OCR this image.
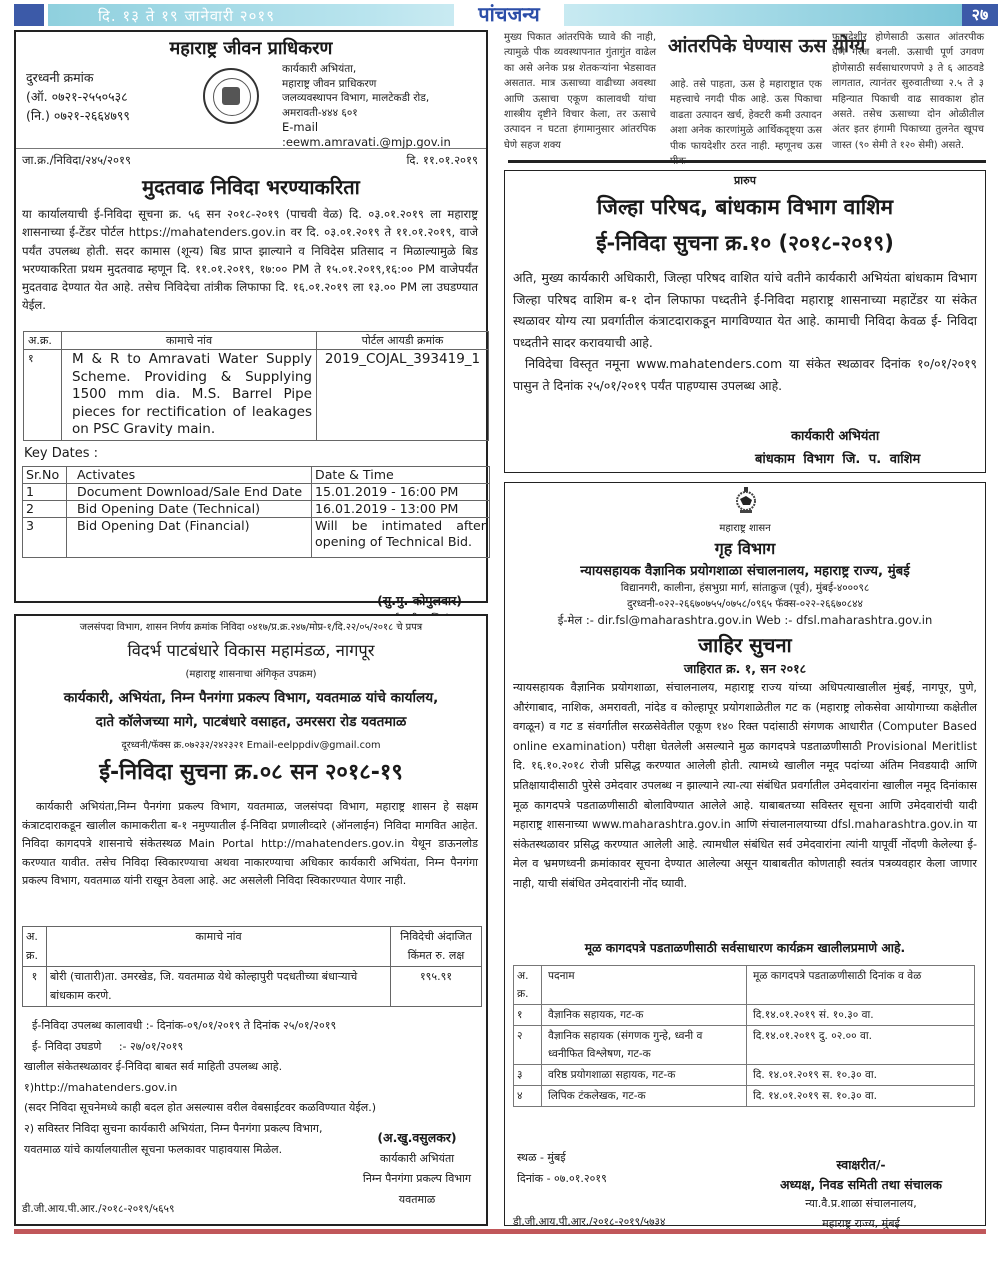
दि. १३ ते १९ जानेवारी २०१९	पांचजन्य	२७
महाराष्ट्र जीवन प्राधिकरण
दुरध्वनी क्रमांक
(ऑ. ०७२१-२५५०५३८
(नि.) ०७२१-२६६४७९९
कार्यकारी अभियंता,
महाराष्ट्र जीवन प्राधिकरण
जलव्यवस्थापन विभाग, मालटेकडी रोड,
अमरावती-४४४ ६०१
E-mail :eewm.amravati.@mjp.gov.in
जा.क्र./निविदा/२४५/२०१९	दि. ११.०१.२०१९
मुदतवाढ निविदा भरण्याकरिता
या कार्यालयाची ई-निविदा सूचना क्र. ५६ सन २०१८-२०१९ (पाचवी वेळ) दि. ०३.०१.२०१९ ला महाराष्ट्र शासनाच्या ई-टेंडर पोर्टल https://mahatenders.gov.in वर दि. ०३.०१.२०१९ ते ११.०१.२०१९, वाजे पर्यंत उपलब्ध होती. सदर कामास (शून्य) बिड प्राप्त झाल्याने व निविदेस प्रतिसाद न मिळाल्यामुळे बिड भरण्याकरिता प्रथम मुदतवाढ म्हणून दि. ११.०१.२०१९, १७:०० PM ते १५.०१.२०१९,१६:०० PM वाजेपर्यंत मुदतवाढ देण्यात येत आहे. तसेच निविदेचा तांत्रीक लिफाफा दि. १६.०१.२०१९ ला १३.०० PM ला उघडण्यात येईल.
अ.क्र.	कामाचे नांव	पोर्टल आयडी क्रमांक
१	M & R to Amravati Water Supply Scheme. Providing & Supplying 1500 mm dia. M.S. Barrel Pipe pieces for rectification of leakages on PSC Gravity main.	2019_COJAL_393419_1
Key Dates :
Sr.No	Activates	Date & Time
1	Document Download/Sale End Date	15.01.2019 - 16:00 PM
2	Bid Opening Date (Technical)	16.01.2019 - 13:00 PM
3	Bid Opening Dat (Financial)	Will be intimated after opening of Technical Bid.
(सु.मु. कोपुलवार)
मुख्य पिकात आंतरपिके घ्यावे की नाही, त्यामुळे पीक व्यवस्थापनात गुंतागुंत वाढेल का असे अनेक प्रश्न शेतकऱ्यांना भेडसावत असतात. मात्र ऊसाच्या वाढीच्या अवस्था आणि ऊसाचा एकूण कालावधी यांचा शास्त्रीय दृष्टीने विचार केला, तर ऊसाचे उत्पादन न घटता हंगामानुसार आंतरपिक घेणे सहज शक्य
आंतरपिके घेण्यास ऊस योग्य
आहे. तसे पाहता, ऊस हे महाराष्ट्रात एक महत्त्वाचे नगदी पीक आहे. ऊस पिकाचा वाढता उत्पादन खर्च, हेक्टरी कमी उत्पादन अशा अनेक कारणांमुळे आर्थिकदृष्ट्या ऊस पीक फायदेशीर ठरत नाही. म्हणूनच ऊस पीक
फायदेशीर होणेसाठी ऊसात आंतरपीक घेणे गरज बनली. ऊसाची पूर्ण उगवण होणेसाठी सर्वसाधारणपणे ३ ते ६ आठवडे लागतात, त्यानंतर सुरुवातीच्या २.५ ते ३ महिन्यात पिकाची वाढ सावकाश होत असते. तसेच ऊसाच्या दोन ओळीतील अंतर इतर हंगामी पिकाच्या तुलनेत खूपच जास्त (९० सेमी ते १२० सेमी) असते.
प्रारुप
जिल्हा परिषद, बांधकाम विभाग वाशिम
ई-निविदा सुचना क्र.१० (२०१८-२०१९)
अति, मुख्य कार्यकारी अधिकारी, जिल्हा परिषद वाशित यांचे वतीने कार्यकारी अभियंता बांधकाम विभाग जिल्हा परिषद वाशिम ब-१ दोन लिफाफा पध्दतीने ई-निविदा महाराष्ट्र शासनाच्या महाटेंडर या संकेत स्थळावर योग्य त्या प्रवर्गातील कंत्राटदाराकडून मागविण्यात येत आहे. कामाची निविदा केवळ ई- निविदा पध्दतीने सादर करावयाची आहे.
निविदेचा विस्तृत नमूना www.mahatenders.com या संकेत स्थळावर दिनांक १०/०१/२०१९ पासुन ते दिनांक २५/०१/२०१९ पर्यंत पाहण्यास उपलब्ध आहे.
कार्यकारी अभियंता
बांधकाम विभाग जि. प. वाशिम
जलसंपदा विभाग, शासन निर्णय क्रमांक निविदा ०४१७/प्र.क्र.२४७/मोप्र-१/दि.२२/०५/२०१८ चे प्रपत्र
विदर्भ पाटबंधारे विकास महामंडळ, नागपूर
(महाराष्ट्र शासनाचा अंगिकृत उपक्रम)
कार्यकारी, अभियंता, निम्न पैनगंगा प्रकल्प विभाग, यवतमाळ यांचे कार्यालय,
दाते कॉलेजच्या मागे, पाटबंधारे वसाहत, उमरसरा रोड यवतमाळ
दूरध्वनी/फॅक्स क्र.०७२३२/२४२३२१ Email-eelppdiv@gmail.com
ई-निविदा सुचना क्र.०८ सन २०१८-१९
कार्यकारी अभियंता,निम्न पैनगंगा प्रकल्प विभाग, यवतमाळ, जलसंपदा विभाग, महाराष्ट्र शासन हे सक्षम कंत्राटदाराकडून खालील कामाकरीता ब-१ नमुण्यातील ई-निविदा प्रणालीव्दारे (ऑनलाईन) निविदा मागवित आहेत. निविदा कागदपत्रे शासनाचे संकेतस्थळ Main Portal http://mahatenders.gov.in येथून डाऊनलोड करण्यात यावीत. तसेच निविदा स्विकारण्याचा अथवा नाकारण्याचा अधिकार कार्यकारी अभियंता, निम्न पैनगंगा प्रकल्प विभाग, यवतमाळ यांनी राखून ठेवला आहे. अट असलेली निविदा स्विकारण्यात येणार नाही.
अ. क्र.	कामाचे नांव	निविदेची अंदाजित किंमत रु. लक्ष
१	बोरी (चातारी)ता. उमरखेड, जि. यवतमाळ येथे कोल्हापुरी पदधतीच्या बंधाऱ्याचे बांधकाम करणे.	१९५.९१
ई-निविदा उपलब्ध कालावधी :- दिनांक-०९/०१/२०१९ ते दिनांक २५/०१/२०१९
ई- निविदा उघडणे     :- २७/०१/२०१९
खालील संकेतस्थळावर ई-निविदा बाबत सर्व माहिती उपलब्ध आहे.
१)http://mahatenders.gov.in
(सदर निविदा सूचनेमध्ये काही बदल होत असल्यास वरील वेबसाईटवर कळविण्यात येईल.)
२) सविस्तर निविदा सुचना कार्यकारी अभियंता, निम्न पैनगंगा प्रकल्प विभाग, यवतमाळ यांचे कार्यालयातील सूचना फलकावर पाहावयास मिळेल.
(अ.खु.वसुलकर)
कार्यकारी अभियंता
निम्न पैनगंगा प्रकल्प विभाग
यवतमाळ
डी.जी.आय.पी.आर./२०१८-२०१९/५६५९
महाराष्ट्र शासन
गृह विभाग
न्यायसहायक वैज्ञानिक प्रयोगशाळा संचालनालय, महाराष्ट्र राज्य, मुंबई
विद्यानगरी, कालीना, हंसभुग्रा मार्ग, सांताक्रुज (पूर्व), मुंबई-४०००९८
दुरध्वनी-०२२-२६६७०७५५/०७५८/०९६५ फॅक्स-०२२-२६६७०८४४
ई-मेल :- dir.fsl@maharashtra.gov.in Web :- dfsl.maharashtra.gov.in
जाहिर सुचना
जाहिरात क्र. १, सन २०१८
न्यायसहायक वैज्ञानिक प्रयोगशाळा, संचालनालय, महाराष्ट्र राज्य यांच्या अधिपत्याखालील मुंबई, नागपूर, पुणे, औरंगाबाद, नाशिक, अमरावती, नांदेड व कोल्हापूर प्रयोगशाळेतील गट क (महाराष्ट्र लोकसेवा आयोगाच्या कक्षेतील वगळून) व गट ड संवर्गातील सरळसेवेतील एकूण १४० रिक्त पदांसाठी संगणक आधारीत (Computer Based online examination) परीक्षा घेतलेली असल्याने मुळ कागदपत्रे पडताळणीसाठी Provisional Meritlist दि. १६.१०.२०१८ रोजी प्रसिद्ध करण्यात आलेली होती. त्यामध्ये खालील नमूद पदांच्या अंतिम निवडयादी आणि प्रतिक्षायादीसाठी पुरेसे उमेदवार उपलब्ध न झाल्याने त्या-त्या संबंधित प्रवर्गातील उमेदवारांना खालील नमूद दिनांकास मूळ कागदपत्रे पडताळणीसाठी बोलाविण्यात आलेले आहे. याबाबतच्या सविस्तर सूचना आणि उमेदवारांची यादी महाराष्ट्र शासनाच्या www.maharashtra.gov.in आणि संचालनालयाच्या dfsl.maharashtra.gov.in या संकेतस्थळावर प्रसिद्ध करण्यात आलेली आहे. त्यामधील संबंधित सर्व उमेदवारांना त्यांनी यापूर्वी नोंदणी केलेल्या ई-मेल व भ्रमणध्वनी क्रमांकावर सूचना देण्यात आलेल्या असून याबाबतीत कोणताही स्वतंत्र पत्रव्यवहार केला जाणार नाही, याची संबंधित उमेदवारांनी नोंद घ्यावी.
मूळ कागदपत्रे पडताळणीसाठी सर्वसाधारण कार्यक्रम खालीलप्रमाणे आहे.
अ. क्र.	पदनाम	मूळ कागदपत्रे पडताळणीसाठी दिनांक व वेळ
१	वैज्ञानिक सहायक, गट-क	दि.१४.०१.२०१९ सं. १०.३० वा.
२	वैज्ञानिक सहायक (संगणक गुन्हे, ध्वनी व ध्वनीफित विश्लेषण, गट-क	दि.१४.०१.२०१९ दु. ०२.०० वा.
३	वरिष्ठ प्रयोगशाळा सहायक, गट-क	दि. १४.०१.२०१९ स. १०.३० वा.
४	लिपिक टंकलेखक, गट-क	दि. १४.०१.२०१९ स. १०.३० वा.
स्थळ - मुंबई
दिनांक - ०७.०१.२०१९
स्वाक्षरीत/-
अध्यक्ष, निवड समिती तथा संचालक
न्या.वै.प्र.शाळा संचालनालय,
महाराष्ट्र राज्य, मुंबई
डी.जी.आय.पी.आर./२०१८-२०१९/५७३४
